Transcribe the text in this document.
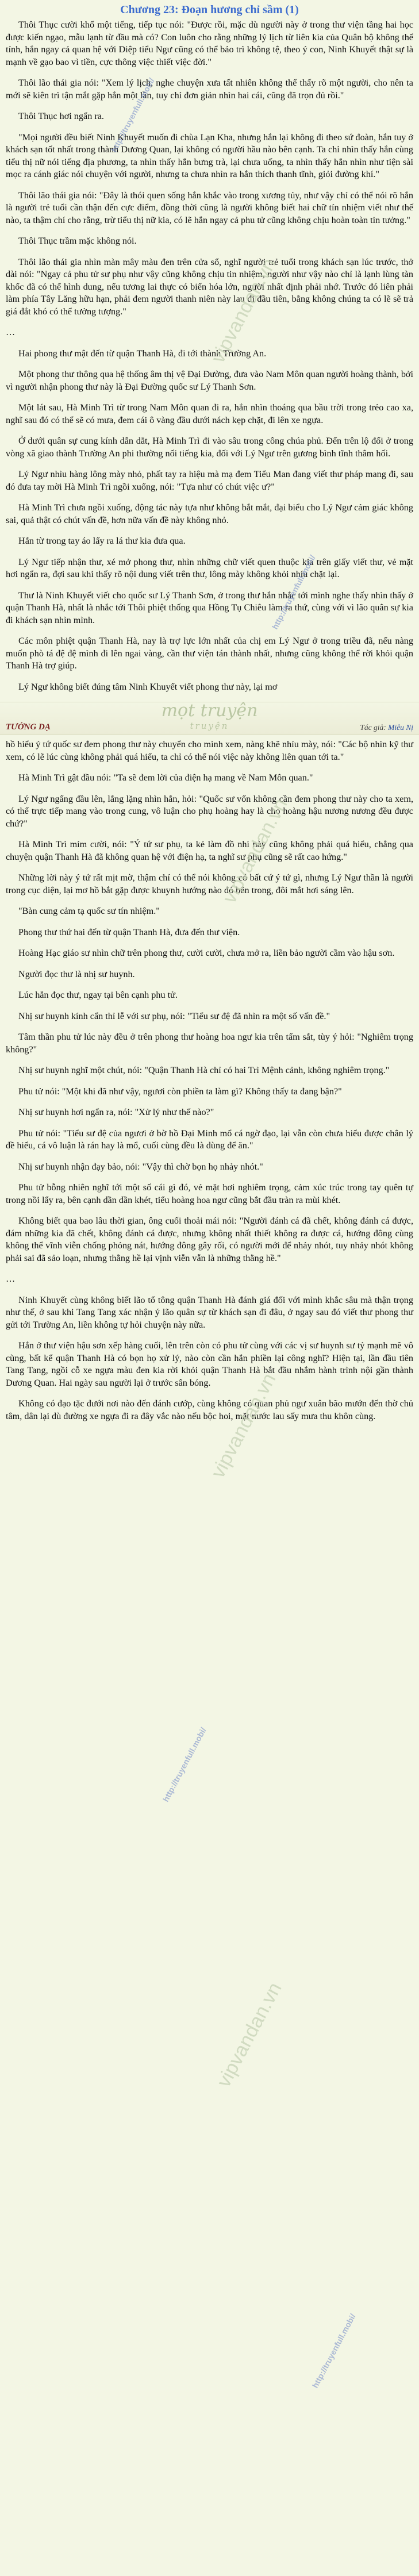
Chương 23: Đoạn hương chỉ sầm (1)

Thôi Thục cười khổ một tiếng, tiếp tục nói: "Được rồi, mặc dù người này ở trong thư viện tầng hai học được kiến ngạo, mẫu lạnh từ đầu mà có? Con luôn cho rằng những lý lịch từ liên kia của Quân bộ không thể tính, hắn ngay cả quan hệ với Diệp tiểu Ngư cũng có thể bảo trì không tệ, theo ý con, Ninh Khuyết thật sự là mạnh về gạo bao vì tiền, cực thông việc thiết việc đời."

Thôi lão thái gia nói: "Xem lý lịch, nghe chuyện xưa tất nhiên không thể thấy rõ một người, cho nên ta mới sẽ kiên trì tận mắt gặp hắn một lần, tuy chỉ đơn giản nhìn hai cái, cũng đã trọn đủ rồi."

Thôi Thục hơi ngẩn ra.

"Mọi người đều biết Ninh Khuyết muốn đi chùa Lạn Kha, nhưng hắn lại không đi theo sứ đoàn, hắn tuy ở khách sạn tốt nhất trong thành Dương Quan, lại không có người hầu nào bên cạnh. Ta chỉ nhìn thấy hắn cùng tiểu thị nữ nói tiếng địa phương, ta nhìn thấy hắn bưng trà, lại chưa uống, ta nhìn thấy hắn nhìn như tiện sài mọc ra cánh giác nói chuyện với người, nhưng ta chưa nhìn ra hắn thích thanh tĩnh, giỏi đường khí."

Thôi lão thái gia nói: "Đây là thói quen sống hắn khắc vào trong xương tủy, như vậy chỉ có thể nói rõ hắn là người trẻ tuổi cần thận đến cực điểm, đồng thời cũng là người không biết hai chữ tín nhiệm viết như thế nào, ta thậm chí cho rằng, trừ tiểu thị nữ kia, có lẽ hắn ngay cả phu tử cũng không chịu hoàn toàn tin tưởng."

Thôi Thục trầm mặc không nói.

Thôi lão thái gia nhìn màn mây màu đen trên cửa sổ, nghĩ người trẻ tuổi trong khách sạn lúc trước, thở dài nói: "Ngay cả phu tử sư phụ như vậy cũng không chịu tin nhiệm, người như vậy nào chỉ là lạnh lùng tàn khốc đã có thể hình dung, nếu tương lai thực có biến hóa lớn, người nhất định phải nhớ. Trước đó liên phải làm phía Tây Lăng hữu hạn, phải đem người thanh niên này lau đi đầu tiên, bằng không chúng ta có lẽ sẽ trả giá đắt khó có thể tưởng tượng."

…

Hai phong thư mật đến từ quận Thanh Hà, đi tới thành Trường An.

Một phong thư thông qua hệ thống âm thị vệ Đại Đường, đưa vào Nam Môn quan người hoàng thành, bởi vì người nhận phong thư này là Đại Đường quốc sư Lý Thanh Sơn.

Một lát sau, Hà Minh Trì từ trong Nam Môn quan đi ra, hắn nhìn thoáng qua bầu trời trong trẻo cao xa, nghĩ sau đó có thể sẽ có mưa, đem cái ô vàng đầu dưới nách kẹp chặt, đi lên xe ngựa.

Ở dưới quân sự cung kính dẫn dắt, Hà Minh Trì đi vào sâu trong công chúa phủ. Đến trên lộ đối ở trong vòng xã giao thành Trường An phi thường nổi tiếng kia, đối với Lý Ngư trên gương bình tĩnh thâm hối.

Lý Ngư nhìu hàng lông mày nhỏ, phất tay ra hiệu mà mạ đem Tiểu Man đang viết thư pháp mang đi, sau đó đưa tay mời Hà Minh Trì ngồi xuống, nói: "Tựa như có chút việc ư?"

Hà Minh Trì chưa ngồi xuống, động tác này tựa như không bắt mắt, đại biểu cho Lý Ngư cảm giác không sai, quả thật có chút vấn đề, hơn nữa vấn đề này không nhỏ.

Hắn từ trong tay áo lấy ra lá thư kia đưa qua.

Lý Ngư tiếp nhận thư, xé mở phong thư, nhìn những chữ viết quen thuộc kia trên giấy viết thư, vẻ mặt hơi ngẩn ra, đợi sau khi thấy rõ nội dung viết trên thư, lông mày không khỏi nhíu chặt lại.

Thư là Ninh Khuyết viết cho quốc sư Lý Thanh Sơn, ở trong thư hắn nhắc tới mình nghe thấy nhìn thấy ở quận Thanh Hà, nhất là nhắc tới Thôi phiệt thống qua Hồng Tụ Chiêu làm ra thứ, cùng với vì lão quân sự kia đi khách sạn nhìn mình.

Các môn phiệt quận Thanh Hà, nay là trợ lực lớn nhất của chị em Lý Ngư ở trong triều đã, nếu nàng muốn phò tá đệ đệ mình đi lên ngai vàng, cần thư viện tán thành nhất, nhưng cũng không thể rời khỏi quận Thanh Hà trợ giúp.

Lý Ngư không biết đúng tâm Ninh Khuyết viết phong thư này, lại mơ

mọt truyện
truyện
TƯỞNG DẠ	Tác giả: Miêu Nị

hồ hiểu ý tứ quốc sư đem phong thư này chuyển cho mình xem, nàng khẽ nhíu mày, nói: "Các bộ nhìn kỹ thư xem, có lẽ lúc cùng không phải quá hiểu, ta chỉ có thể nói việc này không liên quan tới ta."

Hà Minh Trì gật đầu nói: "Ta sẽ đem lời của điện hạ mang về Nam Môn quan."

Lý Ngư ngẩng đầu lên, lẳng lặng nhìn hắn, hỏi: "Quốc sư vốn không cần đem phong thư này cho ta xem, có thể trực tiếp mang vào trong cung, vô luận cho phụ hoàng hay là cho hoàng hậu nương nương đều được chứ?"

Hà Minh Trì mỉm cười, nói: "Ý tứ sư phụ, ta kẻ làm đồ nhi này cũng không phải quá hiểu, chẳng qua chuyện quận Thanh Hà đã không quan hệ với điện hạ, ta nghĩ sư phụ cũng sẽ rất cao hứng."

Những lời này ý tứ rất mịt mờ, thậm chí có thể nói không có bất cứ ý tứ gì, nhưng Lý Ngư thần là người trong cục diện, lại mơ hồ bắt gặp được khuynh hướng nào đó bên trong, đôi mắt hơi sáng lên.

"Bàn cung cảm tạ quốc sư tín nhiệm."

Phong thư thứ hai đến từ quận Thanh Hà, đưa đến thư viện.

Hoàng Hạc giáo sư nhìn chữ trên phong thư, cười cười, chưa mở ra, liền bảo người cầm vào hậu sơn.

Người đọc thư là nhị sư huynh.

Lúc hắn đọc thư, ngay tại bên cạnh phu tử.

Nhị sư huynh kính cẩn thỉ lễ với sư phụ, nói: "Tiểu sư đệ đã nhìn ra một số vấn đề."

Tâm thần phu tử lúc này đều ở trên phong thư hoàng hoa ngư kia trên tấm sắt, tùy ý hỏi: "Nghiêm trọng không?"

Nhị sư huynh nghĩ một chút, nói: "Quận Thanh Hà chỉ có hai Trì Mệnh cảnh, không nghiêm trọng."

Phu tử nói: "Một khi đã như vậy, ngươi còn phiền ta làm gì? Không thấy ta đang bận?"

Nhị sư huynh hơi ngẩn ra, nói: "Xử lý như thế nào?"

Phu tử nói: "Tiểu sư đệ của ngươi ở bờ hồ Đại Minh mổ cá ngờ đạo, lại vẫn còn chưa hiểu được chân lý đề hiểu, cá vô luận là rán hay là mổ, cuối cùng đều là dùng để ăn."

Nhị sư huynh nhận đạy bảo, nói: "Vậy thì chờ bọn họ nhảy nhót."

Phu tử bỗng nhiên nghĩ tới một số cái gì đó, vẻ mặt hơi nghiêm trọng, cảm xúc trúc trong tay quên tự trong nồi lẩy ra, bên cạnh dần dần khét, tiểu hoàng hoa ngư cũng bắt đầu tràn ra mùi khét.

Không biết qua bao lâu thời gian, ông cuối thoải mái nói: "Người đánh cá đã chết, không đánh cá được, đám những kia đã chết, không đánh cá được, nhưng không nhất thiết không ra được cá, hướng đông cùng không thể vĩnh viễn chống phỏng nát, hướng đông gây rối, có người mới để nhảy nhót, tuy nhảy nhót không phải sai đã sảo loạn, nhưng thằng hề lại vịnh viễn vẫn là những thằng hề."

…

Ninh Khuyết cùng không biết lão tổ tông quận Thanh Hà đánh giá đối với mình khắc sâu mà thận trọng như thế, ở sau khi Tang Tang xác nhận ý lão quân sự từ khách sạn đi đâu, ở ngay sau đó viết thư phong thư gửi tới Trường An, liền không tự hỏi chuyện này nữa.

Hắn ở thư viện hậu sơn xếp hàng cuối, lên trên còn có phu tử cùng với các vị sư huynh sư tỷ mạnh mẽ vô cùng, bất kể quận Thanh Hà có bọn họ xử lý, nào còn cần hắn phiền lại công nghĩ? Hiện tại, lần đầu tiên Tang Tang, ngồi cỗ xe ngựa màu đen kia rời khỏi quận Thanh Hà bắt đầu nhắm hành trình nội gần thành Dương Quan. Hai ngày sau người lại ở trước sân bóng.

Không có đạo tặc đưới nơi nào đến đánh cướp, cùng không có quan phủ ngư xuân bão mướn đến thờ chủ tâm, dân lại dù đường xe ngựa đi ra đây vắc nào nếu bộc hoi, mặt nước lau sấy mưa thu khôn cùng.

vipvandan.vn
vipvandan.vn
vipvandan.vn
vipvandan.vn
http://truyenfull.mobi/
http://truyenfull.mobi/
http://truyenfull.mobi/
http://truyenfull.mobi/
